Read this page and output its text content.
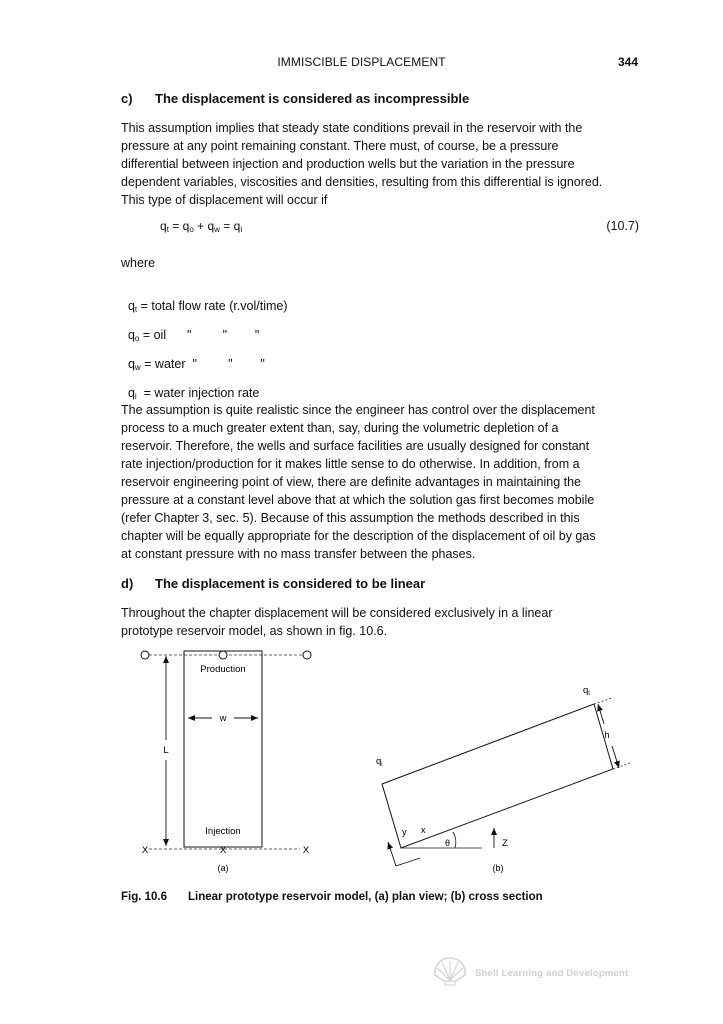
IMMISCIBLE DISPLACEMENT	344
c) The displacement is considered as incompressible
This assumption implies that steady state conditions prevail in the reservoir with the
pressure at any point remaining constant. There must, of course, be a pressure
differential between injection and production wells but the variation in the pressure
dependent variables, viscosities and densities, resulting from this differential is ignored.
This type of displacement will occur if
$q_t = q_o + q_w = q_i$	(10.7)
where

$q_t$ = total flow rate (r.vol/time)

$q_o$ = oil      "         "        "

$q_w$ = water  "         "        "

$q_i$  = water injection rate

The assumption is quite realistic since the engineer has control over the displacement
process to a much greater extent than, say, during the volumetric depletion of a
reservoir. Therefore, the wells and surface facilities are usually designed for constant
rate injection/production for it makes little sense to do otherwise. In addition, from a
reservoir engineering point of view, there are definite advantages in maintaining the
pressure at a constant level above that at which the solution gas first becomes mobile
(refer Chapter 3, sec. 5). Because of this assumption the methods described in this
chapter will be equally appropriate for the description of the displacement of oil by gas
at constant pressure with no mass transfer between the phases.
d) The displacement is considered to be linear
Throughout the chapter displacement will be considered exclusively in a linear
prototype reservoir model, as shown in fig. 10.6.
Production
Injection
w
L
X	X	X
(a)
h
$q_t$
$q_i$
y x
θ	Z
(b)
Fig. 10.6 Linear prototype reservoir model, (a) plan view; (b) cross section
Shell Learning and Development
